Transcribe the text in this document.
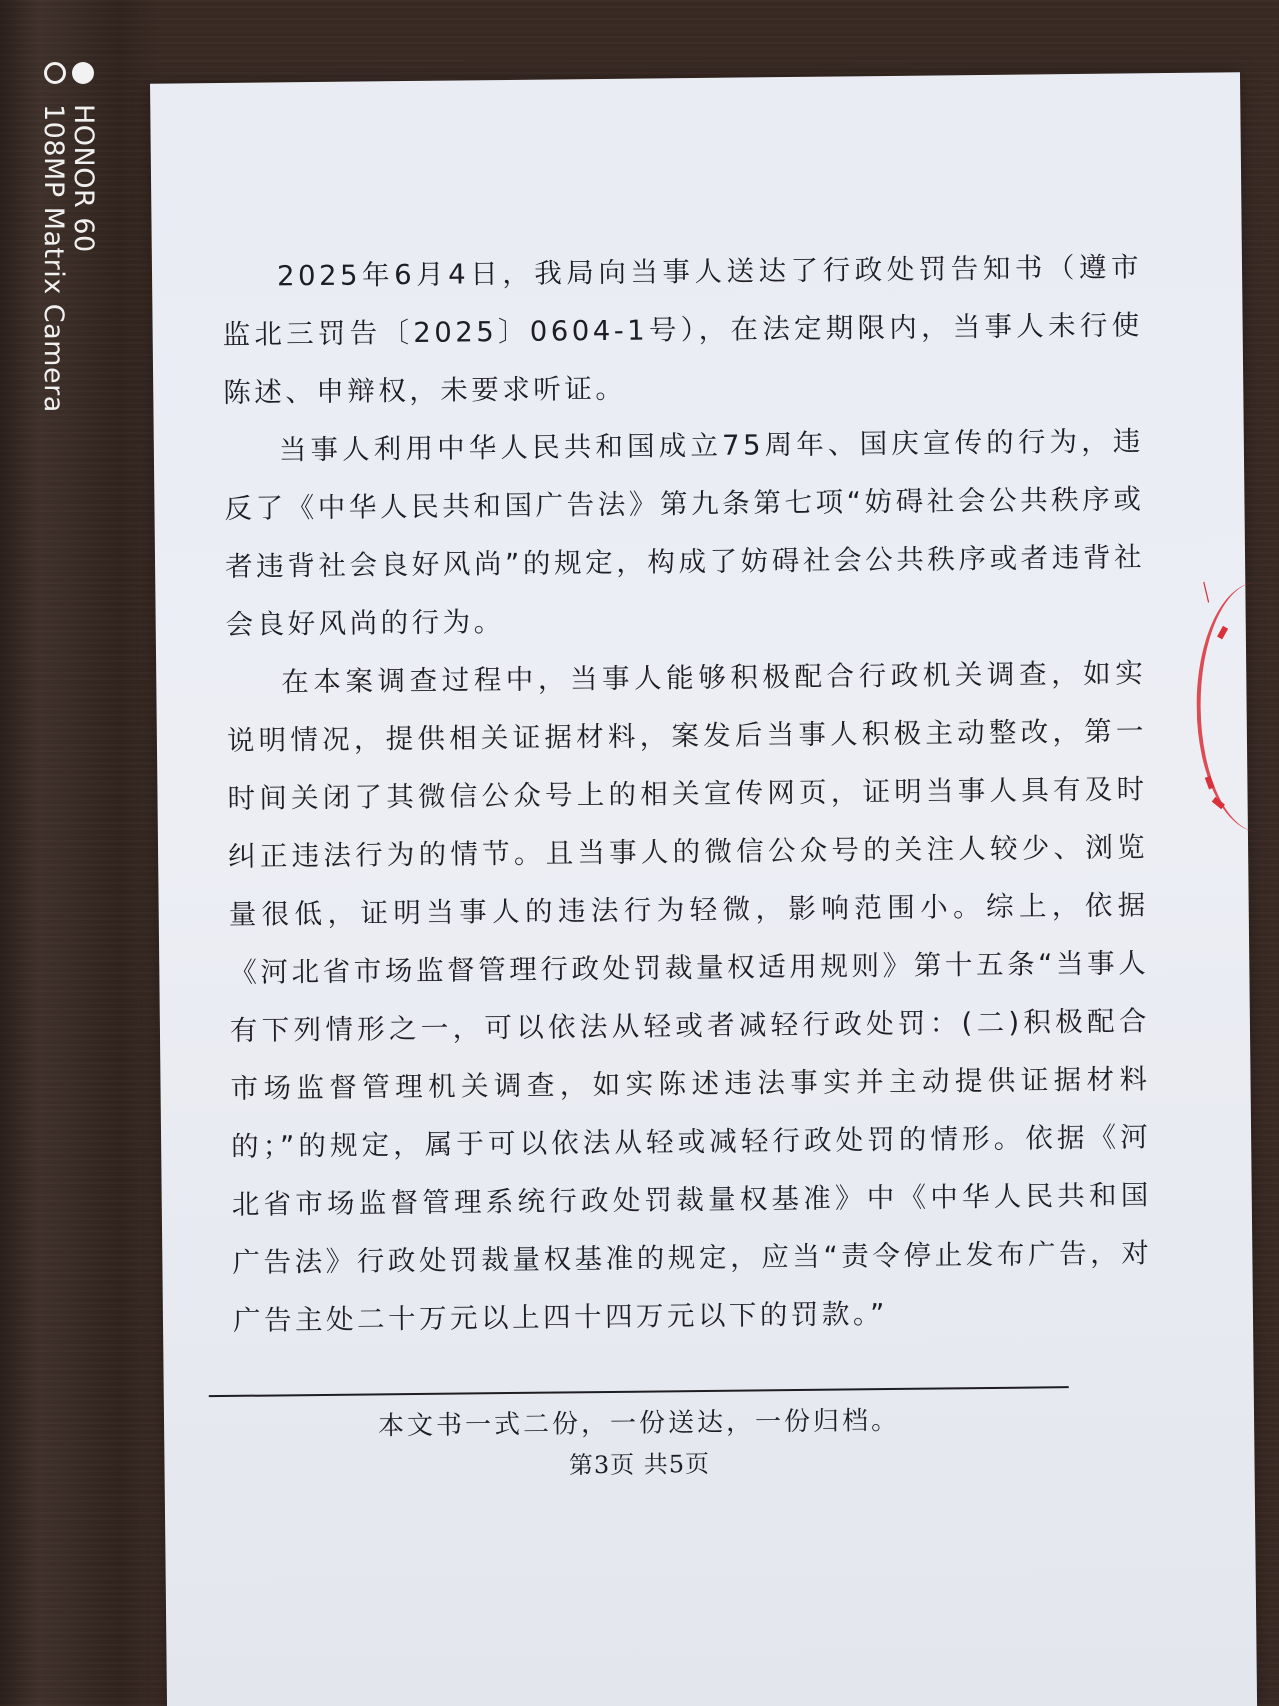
HONOR 60
108MP Matrix Camera	2025年6月4日，我局向当事人送达了行政处罚告知书（遵市监北三罚告〔2025〕0604-1号），在法定期限内，当事人未行使陈述、申辩权，未要求听证。

当事人利用中华人民共和国成立75周年、国庆宣传的行为，违反了《中华人民共和国广告法》第九条第七项“妨碍社会公共秩序或者违背社会良好风尚”的规定，构成了妨碍社会公共秩序或者违背社会良好风尚的行为。

在本案调查过程中，当事人能够积极配合行政机关调查，如实说明情况，提供相关证据材料，案发后当事人积极主动整改，第一时间关闭了其微信公众号上的相关宣传网页，证明当事人具有及时纠正违法行为的情节。且当事人的微信公众号的关注人较少、浏览量很低，证明当事人的违法行为轻微，影响范围小。综上，依据《河北省市场监督管理行政处罚裁量权适用规则》第十五条“当事人有下列情形之一，可以依法从轻或者减轻行政处罚：(二)积极配合市场监督管理机关调查，如实陈述违法事实并主动提供证据材料的；”的规定，属于可以依法从轻或减轻行政处罚的情形。依据《河北省市场监督管理系统行政处罚裁量权基准》中《中华人民共和国广告法》行政处罚裁量权基准的规定，应当“责令停止发布广告，对广告主处二十万元以上四十四万元以下的罚款。”

本文书一式二份，一份送达，一份归档。
第3页 共5页
╱
▬
▬
▬
